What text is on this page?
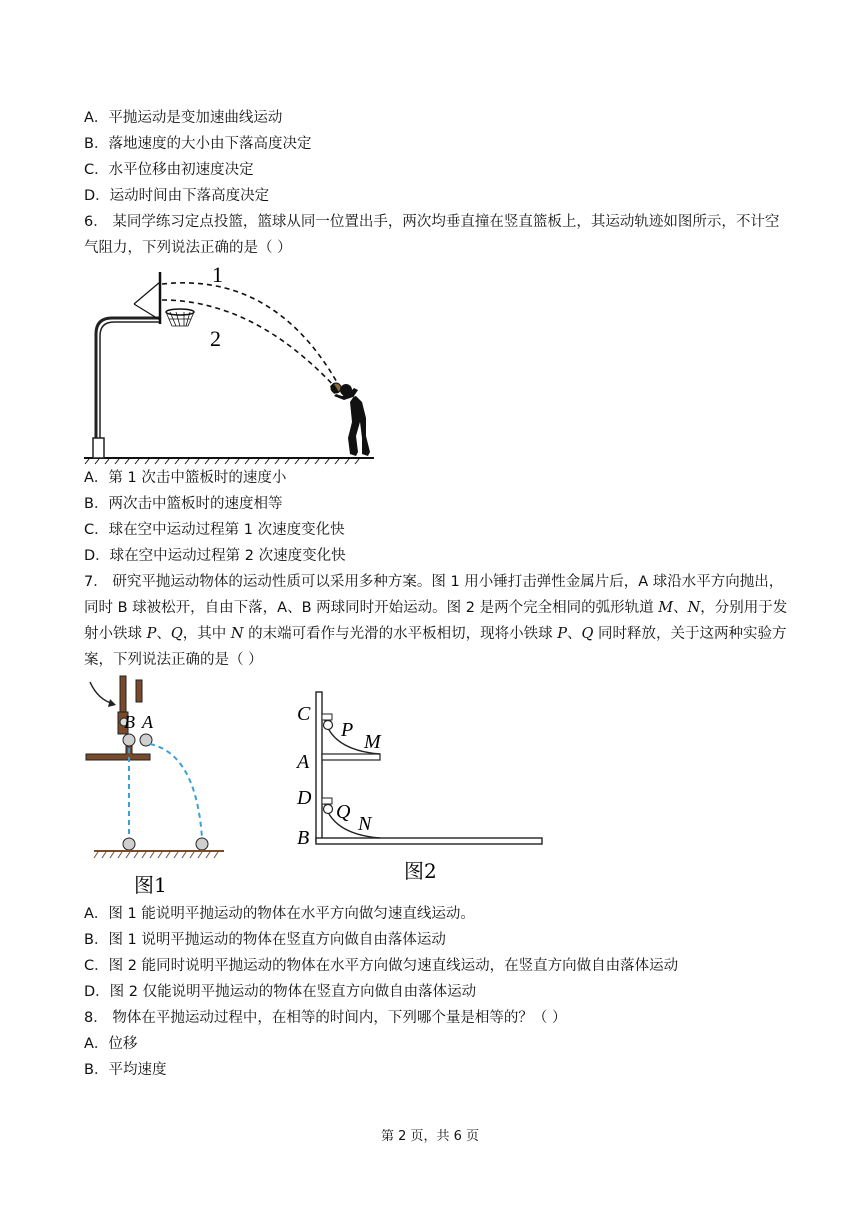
A．平抛运动是变加速曲线运动
B．落地速度的大小由下落高度决定
C．水平位移由初速度决定
D．运动时间由下落高度决定
6． 某同学练习定点投篮，篮球从同一位置出手，两次均垂直撞在竖直篮板上，其运动轨迹如图所示，不计空
气阻力，下列说法正确的是（ ）
1
2
A．第 1 次击中篮板时的速度小
B．两次击中篮板时的速度相等
C．球在空中运动过程第 1 次速度变化快
D．球在空中运动过程第 2 次速度变化快
7． 研究平抛运动物体的运动性质可以采用多种方案。图 1 用小锤打击弹性金属片后，A 球沿水平方向抛出，
同时 B 球被松开，自由下落，A、B 两球同时开始运动。图 2 是两个完全相同的弧形轨道 M、N，分别用于发
射小铁球 P、Q，其中 N 的末端可看作与光滑的水平板相切，现将小铁球 P、Q 同时释放，关于这两种实验方
案，下列说法正确的是（ ）
B A
图1
C
P
M
A
D
Q
N
B
图2
A．图 1 能说明平抛运动的物体在水平方向做匀速直线运动。
B．图 1 说明平抛运动的物体在竖直方向做自由落体运动
C．图 2 能同时说明平抛运动的物体在水平方向做匀速直线运动，在竖直方向做自由落体运动
D．图 2 仅能说明平抛运动的物体在竖直方向做自由落体运动
8． 物体在平抛运动过程中，在相等的时间内，下列哪个量是相等的？（ ）
A．位移
B．平均速度
第 2 页，共 6 页
